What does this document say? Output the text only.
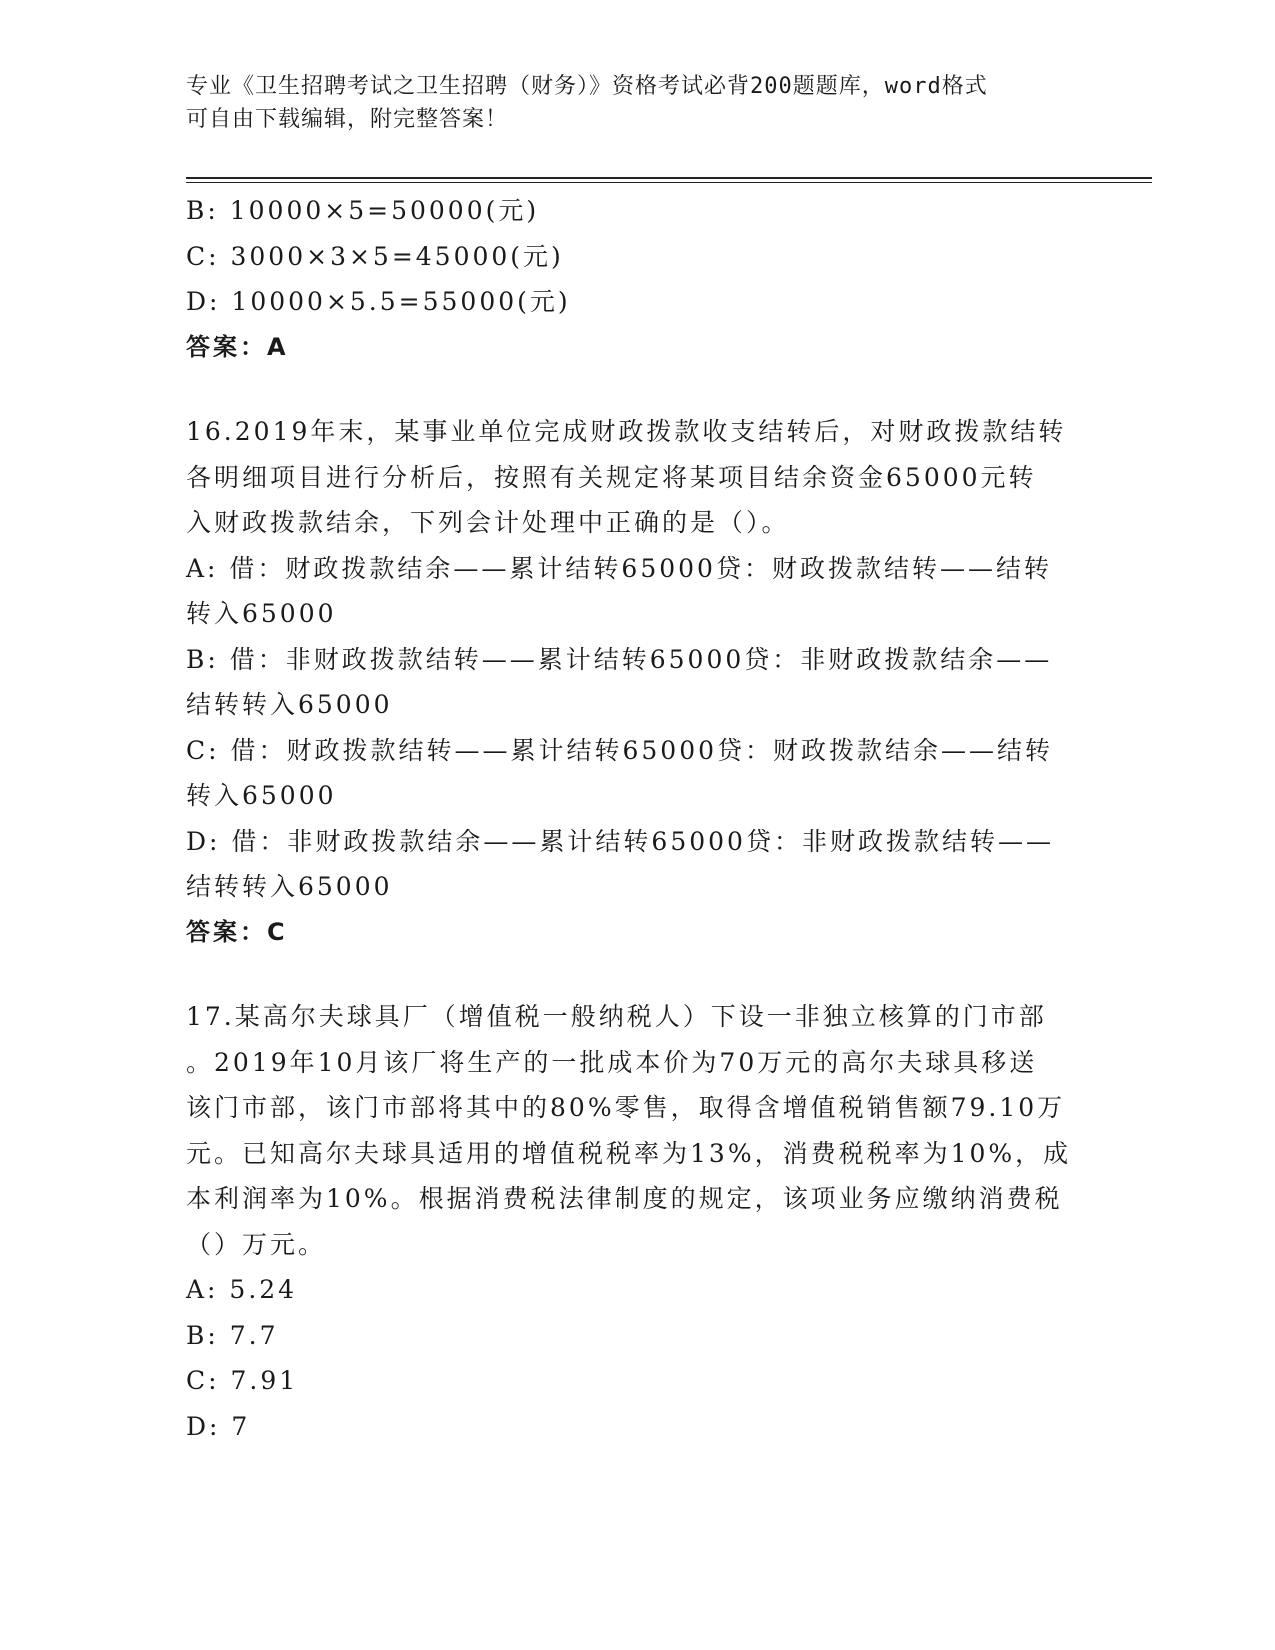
专业《卫生招聘考试之卫生招聘（财务）》资格考试必背200题题库，word格式
可自由下载编辑，附完整答案！
B: 10000×5=50000(元)
C: 3000×3×5=45000(元)
D: 10000×5.5=55000(元)
答案：A
16.2019年末，某事业单位完成财政拨款收支结转后，对财政拨款结转
各明细项目进行分析后，按照有关规定将某项目结余资金65000元转
入财政拨款结余，下列会计处理中正确的是（）。
A: 借：财政拨款结余——累计结转65000贷：财政拨款结转——结转
转入65000
B: 借：非财政拨款结转——累计结转65000贷：非财政拨款结余——
结转转入65000
C: 借：财政拨款结转——累计结转65000贷：财政拨款结余——结转
转入65000
D: 借：非财政拨款结余——累计结转65000贷：非财政拨款结转——
结转转入65000
答案：C
17.某高尔夫球具厂（增值税一般纳税人）下设一非独立核算的门市部
。2019年10月该厂将生产的一批成本价为70万元的高尔夫球具移送
该门市部，该门市部将其中的80%零售，取得含增值税销售额79.10万
元。已知高尔夫球具适用的增值税税率为13%，消费税税率为10%，成
本利润率为10%。根据消费税法律制度的规定，该项业务应缴纳消费税
（）万元。
A: 5.24
B: 7.7
C: 7.91
D: 7
